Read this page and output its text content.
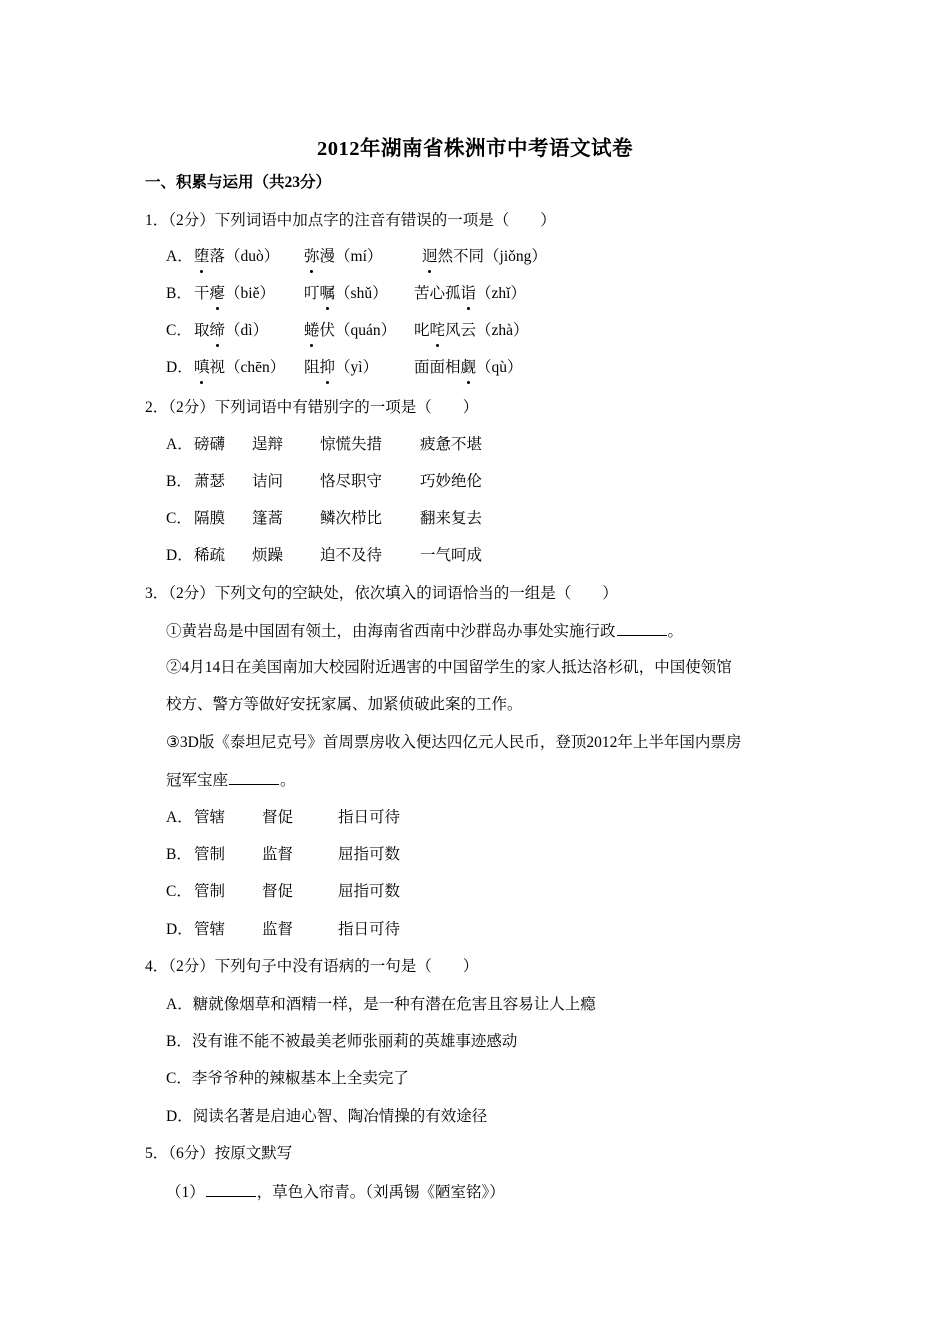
2012年湖南省株洲市中考语文试卷
一、积累与运用（共23分）
1．（2分）下列词语中加点字的注音有错误的一项是（　　）
A． 堕落（duò）	弥漫（mí）	迥然不同（jiǒng）
B． 干瘪（biě）	叮嘱（shǔ）	苦心孤诣（zhǐ）
C． 取缔（dì）	蜷伏（quán）	叱咤风云（zhà）
D． 嗔视（chēn）	阻抑（yì）	面面相觑（qù）
2．（2分）下列词语中有错别字的一项是（　　）
A． 磅礴	逞辩	惊慌失措	疲惫不堪
B． 萧瑟	诘问	恪尽职守	巧妙绝伦
C． 隔膜	篷蒿	鳞次栉比	翻来复去
D． 稀疏	烦躁	迫不及待	一气呵成
3．（2分）下列文句的空缺处，依次填入的词语恰当的一组是（　　）
①黄岩岛是中国固有领土，由海南省西南中沙群岛办事处实施行政	。
②4月14日在美国南加大校园附近遇害的中国留学生的家人抵达洛杉矶，中国使领馆
校方、警方等做好安抚家属、加紧侦破此案的工作。
③3D版《泰坦尼克号》首周票房收入便达四亿元人民币，登顶2012年上半年国内票房
冠军宝座	。
A． 管辖	督促	指日可待
B． 管制	监督	屈指可数
C． 管制	督促	屈指可数
D． 管辖	监督	指日可待
4．（2分）下列句子中没有语病的一句是（　　）
A．糖就像烟草和酒精一样，是一种有潜在危害且容易让人上瘾
B．没有谁不能不被最美老师张丽莉的英雄事迹感动
C．李爷爷种的辣椒基本上全卖完了
D．阅读名著是启迪心智、陶冶情操的有效途径
5．（6分）按原文默写
（1）	，草色入帘青。（刘禹锡《陋室铭》）
